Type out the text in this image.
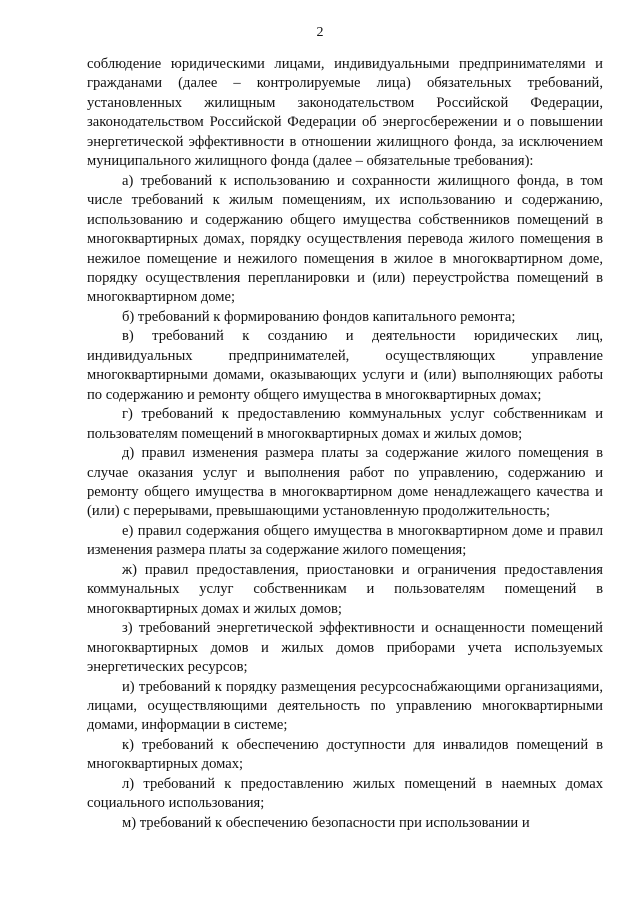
2

соблюдение юридическими лицами, индивидуальными предпринимателями и гражданами (далее – контролируемые лица) обязательных требований, установленных жилищным законодательством Российской Федерации, законодательством Российской Федерации об энергосбережении и о повышении энергетической эффективности в отношении жилищного фонда, за исключением муниципального жилищного фонда (далее – обязательные требования):

а) требований к использованию и сохранности жилищного фонда, в том числе требований к жилым помещениям, их использованию и содержанию, использованию и содержанию общего имущества собственников помещений в многоквартирных домах, порядку осуществления перевода жилого помещения в нежилое помещение и нежилого помещения в жилое в многоквартирном доме, порядку осуществления перепланировки и (или) переустройства помещений в многоквартирном доме;

б) требований к формированию фондов капитального ремонта;

в) требований к созданию и деятельности юридических лиц, индивидуальных предпринимателей, осуществляющих управление многоквартирными домами, оказывающих услуги и (или) выполняющих работы по содержанию и ремонту общего имущества в многоквартирных домах;

г) требований к предоставлению коммунальных услуг собственникам и пользователям помещений в многоквартирных домах и жилых домов;

д) правил изменения размера платы за содержание жилого помещения в случае оказания услуг и выполнения работ по управлению, содержанию и ремонту общего имущества в многоквартирном доме ненадлежащего качества и (или) с перерывами, превышающими установленную продолжительность;

е) правил содержания общего имущества в многоквартирном доме и правил изменения размера платы за содержание жилого помещения;

ж) правил предоставления, приостановки и ограничения предоставления коммунальных услуг собственникам и пользователям помещений в многоквартирных домах и жилых домов;

з) требований энергетической эффективности и оснащенности помещений многоквартирных домов и жилых домов приборами учета используемых энергетических ресурсов;

и) требований к порядку размещения ресурсоснабжающими организациями, лицами, осуществляющими деятельность по управлению многоквартирными домами, информации в системе;

к) требований к обеспечению доступности для инвалидов помещений в многоквартирных домах;

л) требований к предоставлению жилых помещений в наемных домах социального использования;

м) требований к обеспечению безопасности при использовании и
